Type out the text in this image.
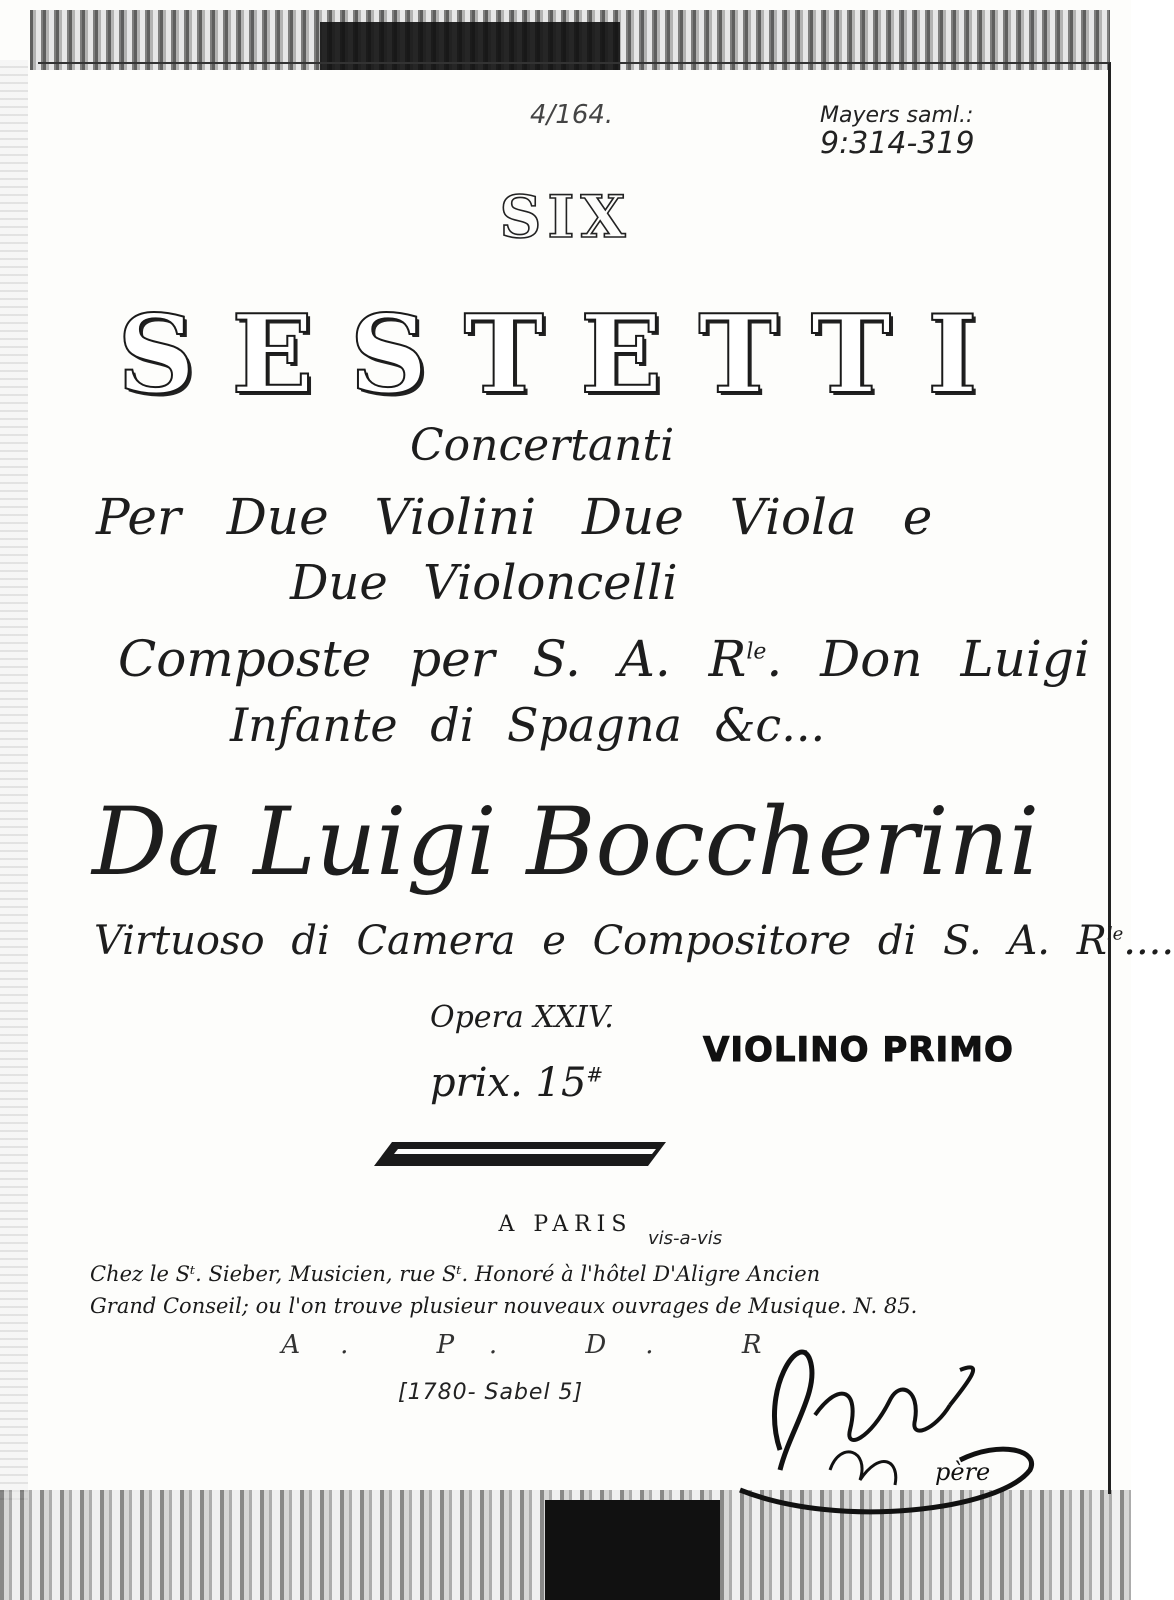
4/164.	Mayers saml.:
9:314-319
SIX
SESTETTI
Concertanti
Per Due Violini Due Viola e
Due Violoncelli
Composte per S. A. $R^{le}$. Don Luigi
Infante di Spagna &c...
Da Luigi Boccherini
Virtuoso di Camera e Compositore di S. A. $R^{le}$....
Opera XXIV.
prix. 15#
VIOLINO PRIMO
A PARIS
vis-a-vis
Chez le Sᵗ. Sieber, Musicien, rue Sᵗ. Honoré à l'hôtel D'Aligre Ancien
Grand Conseil; ou l'on trouve plusieur nouveaux ouvrages de Musique. N. 85.
A. P. D. R.
[1780- Sabel 5]
père
